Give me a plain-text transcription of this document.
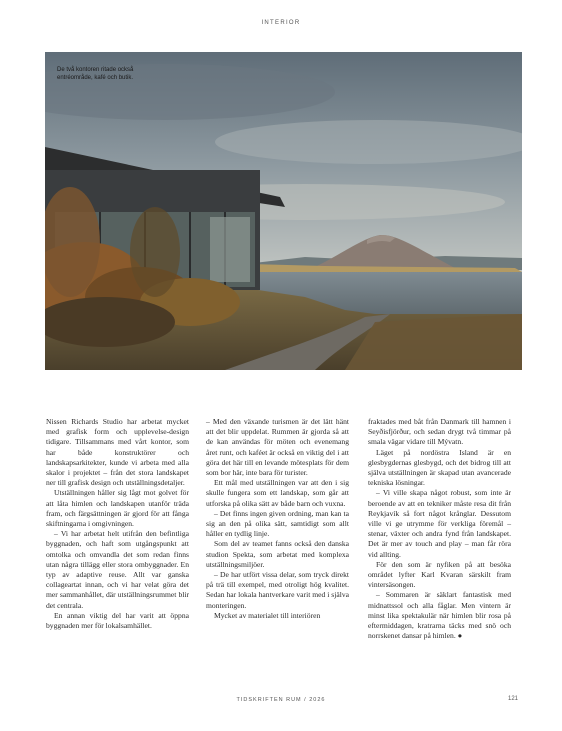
INTERIOR
De två kontoren ritade också entréområde, kafé och butik.

Nissen Richards Studio har arbetat mycket med grafisk form och upplevelse-design tidigare. Tillsammans med vårt kontor, som har både konstruktörer och landskapsarkitekter, kunde vi arbeta med alla skalor i projektet – från det stora landskapet ner till grafisk design och utställningsdetaljer.

Utställningen håller sig lågt mot golvet för att låta himlen och landskapen utanför träda fram, och färgsättningen är gjord för att fånga skiftningarna i omgivningen.

– Vi har arbetat helt utifrån den befintliga byggnaden, och haft som utgångspunkt att omtolka och omvandla det som redan finns utan några tillägg eller stora ombyggnader. En typ av adaptive reuse. Allt var ganska collageartat innan, och vi har velat göra det mer sammanhållet, där utställningsrummet blir det centrala.

En annan viktig del har varit att öppna byggnaden mer för lokalsamhället.

– Med den växande turismen är det lätt hänt att det blir uppdelat. Rummen är gjorda så att de kan användas för möten och evenemang året runt, och kaféet är också en viktig del i att göra det här till en levande mötesplats för dem som bor här, inte bara för turister.

Ett mål med utställningen var att den i sig skulle fungera som ett landskap, som går att utforska på olika sätt av både barn och vuxna.

– Det finns ingen given ordning, man kan ta sig an den på olika sätt, samtidigt som allt håller en tydlig linje.

Som del av teamet fanns också den danska studion Spekta, som arbetat med komplexa utställningsmiljöer.

– De har utfört vissa delar, som tryck direkt på trä till exempel, med otroligt hög kvalitet. Sedan har lokala hantverkare varit med i själva monteringen.

Mycket av materialet till interiören

fraktades med båt från Danmark till hamnen i Seyðisfjörður, och sedan drygt två timmar på smala vägar vidare till Mývatn.

Läget på nordöstra Island är en glesbygdernas glesbygd, och det bidrog till att själva utställningen är skapad utan avancerade tekniska lösningar.

– Vi ville skapa något robust, som inte är beroende av att en tekniker måste resa dit från Reykjavík så fort något krånglar. Dessutom ville vi ge utrymme för verkliga föremål – stenar, växter och andra fynd från landskapet. Det är mer av touch and play – man får röra vid allting.

För den som är nyfiken på att besöka området lyfter Karl Kvaran särskilt fram vintersäsongen.

– Sommaren är säklart fantastisk med midnattssol och alla fåglar. Men vintern är minst lika spektakulär när himlen blir rosa på eftermiddagen, kratrarna täcks med snö och norrskenet dansar på himlen. ●

TIDSKRIFTEN RUM / 2026	121
